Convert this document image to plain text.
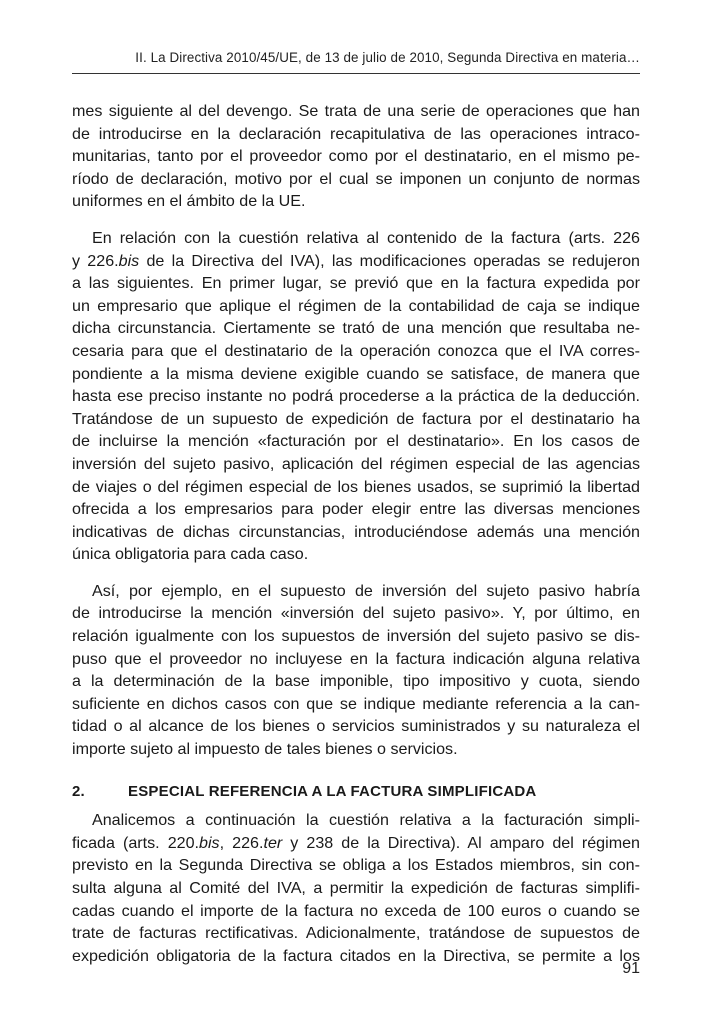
II. La Directiva 2010/45/UE, de 13 de julio de 2010, Segunda Directiva en materia…
mes siguiente al del devengo. Se trata de una serie de operaciones que han
de introducirse en la declaración recapitulativa de las operaciones intraco-
munitarias, tanto por el proveedor como por el destinatario, en el mismo pe-
ríodo de declaración, motivo por el cual se imponen un conjunto de normas
uniformes en el ámbito de la UE.
En relación con la cuestión relativa al contenido de la factura (arts. 226
y 226.bis de la Directiva del IVA), las modificaciones operadas se redujeron
a las siguientes. En primer lugar, se previó que en la factura expedida por
un empresario que aplique el régimen de la contabilidad de caja se indique
dicha circunstancia. Ciertamente se trató de una mención que resultaba ne-
cesaria para que el destinatario de la operación conozca que el IVA corres-
pondiente a la misma deviene exigible cuando se satisface, de manera que
hasta ese preciso instante no podrá procederse a la práctica de la deducción.
Tratándose de un supuesto de expedición de factura por el destinatario ha
de incluirse la mención «facturación por el destinatario». En los casos de
inversión del sujeto pasivo, aplicación del régimen especial de las agencias
de viajes o del régimen especial de los bienes usados, se suprimió la libertad
ofrecida a los empresarios para poder elegir entre las diversas menciones
indicativas de dichas circunstancias, introduciéndose además una mención
única obligatoria para cada caso.
Así, por ejemplo, en el supuesto de inversión del sujeto pasivo habría
de introducirse la mención «inversión del sujeto pasivo». Y, por último, en
relación igualmente con los supuestos de inversión del sujeto pasivo se dis-
puso que el proveedor no incluyese en la factura indicación alguna relativa
a la determinación de la base imponible, tipo impositivo y cuota, siendo
suficiente en dichos casos con que se indique mediante referencia a la can-
tidad o al alcance de los bienes o servicios suministrados y su naturaleza el
importe sujeto al impuesto de tales bienes o servicios.
2.	ESPECIAL REFERENCIA A LA FACTURA SIMPLIFICADA
Analicemos a continuación la cuestión relativa a la facturación simpli-
ficada (arts. 220.bis, 226.ter y 238 de la Directiva). Al amparo del régimen
previsto en la Segunda Directiva se obliga a los Estados miembros, sin con-
sulta alguna al Comité del IVA, a permitir la expedición de facturas simplifi-
cadas cuando el importe de la factura no exceda de 100 euros o cuando se
trate de facturas rectificativas. Adicionalmente, tratándose de supuestos de
expedición obligatoria de la factura citados en la Directiva, se permite a los
91
